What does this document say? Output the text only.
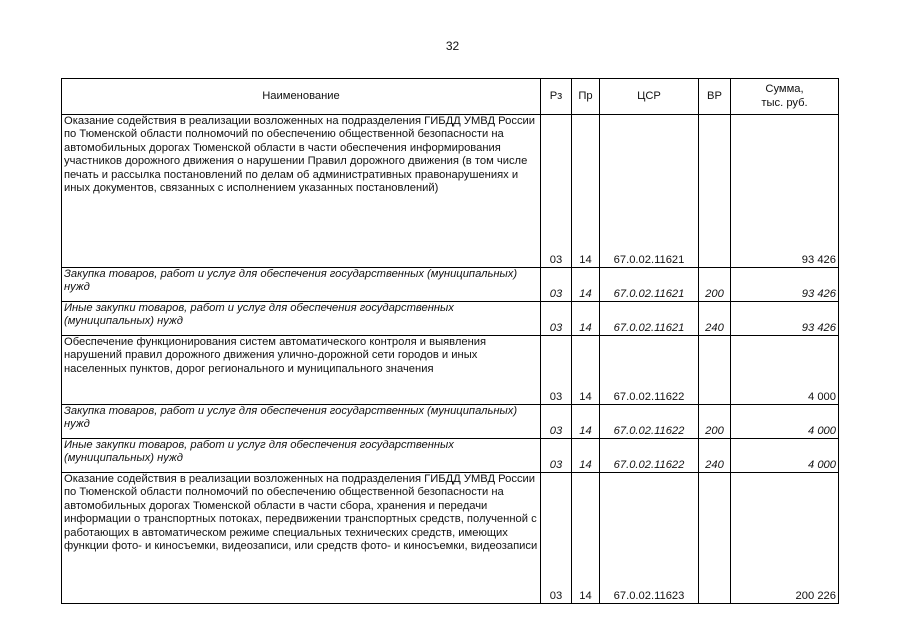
32
Наименование	Рз	Пр	ЦСР	ВР	Сумма,
тыс. руб.
Оказание содействия в реализации возложенных на подразделения ГИБДД УМВД России по Тюменской области полномочий по обеспечению общественной безопасности на автомобильных дорогах Тюменской области в части обеспечения информирования участников дорожного движения о нарушении Правил дорожного движения (в том числе печать и рассылка постановлений по делам об административных правонарушениях и иных документов, связанных с исполнением указанных постановлений)	03	14	67.0.02.11621		93 426
Закупка товаров, работ и услуг для обеспечения государственных (муниципальных) нужд	03	14	67.0.02.11621	200	93 426
Иные закупки товаров, работ и услуг для обеспечения государственных (муниципальных) нужд	03	14	67.0.02.11621	240	93 426
Обеспечение функционирования систем автоматического контроля и выявления нарушений правил дорожного движения улично-дорожной сети городов и иных населенных пунктов, дорог регионального и муниципального значения	03	14	67.0.02.11622		4 000
Закупка товаров, работ и услуг для обеспечения государственных (муниципальных) нужд	03	14	67.0.02.11622	200	4 000
Иные закупки товаров, работ и услуг для обеспечения государственных (муниципальных) нужд	03	14	67.0.02.11622	240	4 000
Оказание содействия в реализации возложенных на подразделения ГИБДД УМВД России по Тюменской области полномочий по обеспечению общественной безопасности на автомобильных дорогах Тюменской области в части сбора, хранения и передачи информации о транспортных потоках, передвижении транспортных средств, полученной с работающих в автоматическом режиме специальных технических средств, имеющих функции фото- и киносъемки, видеозаписи, или средств фото- и киносъемки, видеозаписи	03	14	67.0.02.11623		200 226
